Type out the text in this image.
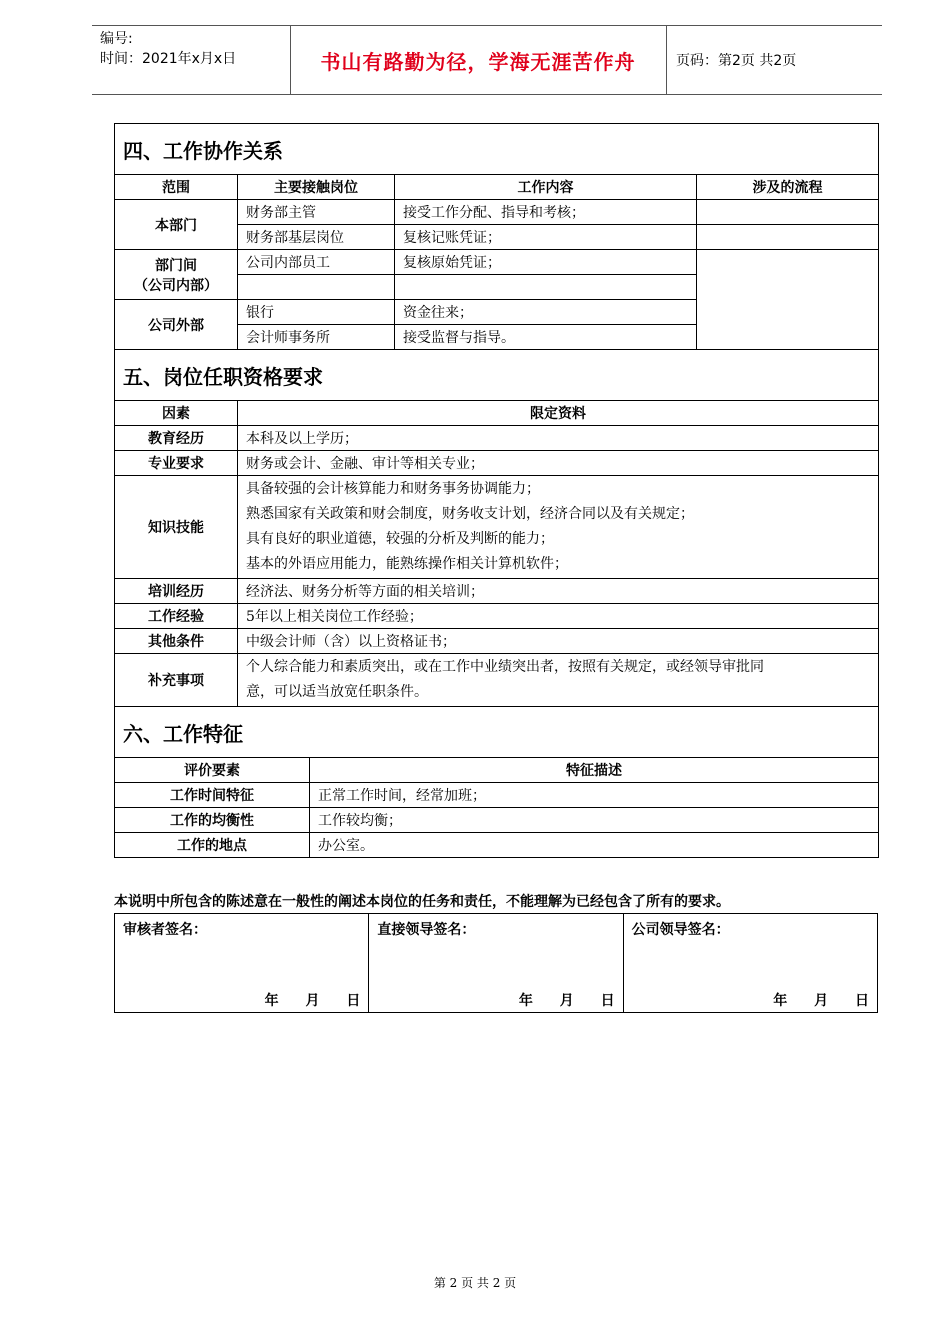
编号:
时间：2021年x月x日	书山有路勤为径，学海无涯苦作舟	页码：第2页 共2页
四、工作协作关系				
范围	主要接触岗位		工作内容	涉及的流程
本部门	财务部主管		接受工作分配、指导和考核；	
	财务部基层岗位		复核记账凭证；	

部门间
（公司内部）	公司内部员工		复核原始凭证；	

公司外部	银行		资金往来；	
	会计师事务所		接受监督与指导。	
五、岗位任职资格要求				
因素	限定资料			
教育经历	本科及以上学历；			
专业要求	财务或会计、金融、审计等相关专业；			
知识技能	具备较强的会计核算能力和财务事务协调能力；
熟悉国家有关政策和财会制度，财务收支计划，经济合同以及有关规定；
具有良好的职业道德，较强的分析及判断的能力；
基本的外语应用能力，能熟练操作相关计算机软件；			

培训经历	经济法、财务分析等方面的相关培训；			
工作经验	5年以上相关岗位工作经验；			
其他条件	中级会计师（含）以上资格证书；			
补充事项	个人综合能力和素质突出，或在工作中业绩突出者，按照有关规定，或经领导审批同
意，可以适当放宽任职条件。			

六、工作特征				
评价要素		特征描述		
工作时间特征		正常工作时间，经常加班；		
工作的均衡性		工作较均衡；		
工作的地点		办公室。		
本说明中所包含的陈述意在一般性的阐述本岗位的任务和责任，不能理解为已经包含了所有的要求。
审核者签名：
年 月 日
直接领导签名：
年 月 日
公司领导签名：
年 月 日
第 2 页 共 2 页
